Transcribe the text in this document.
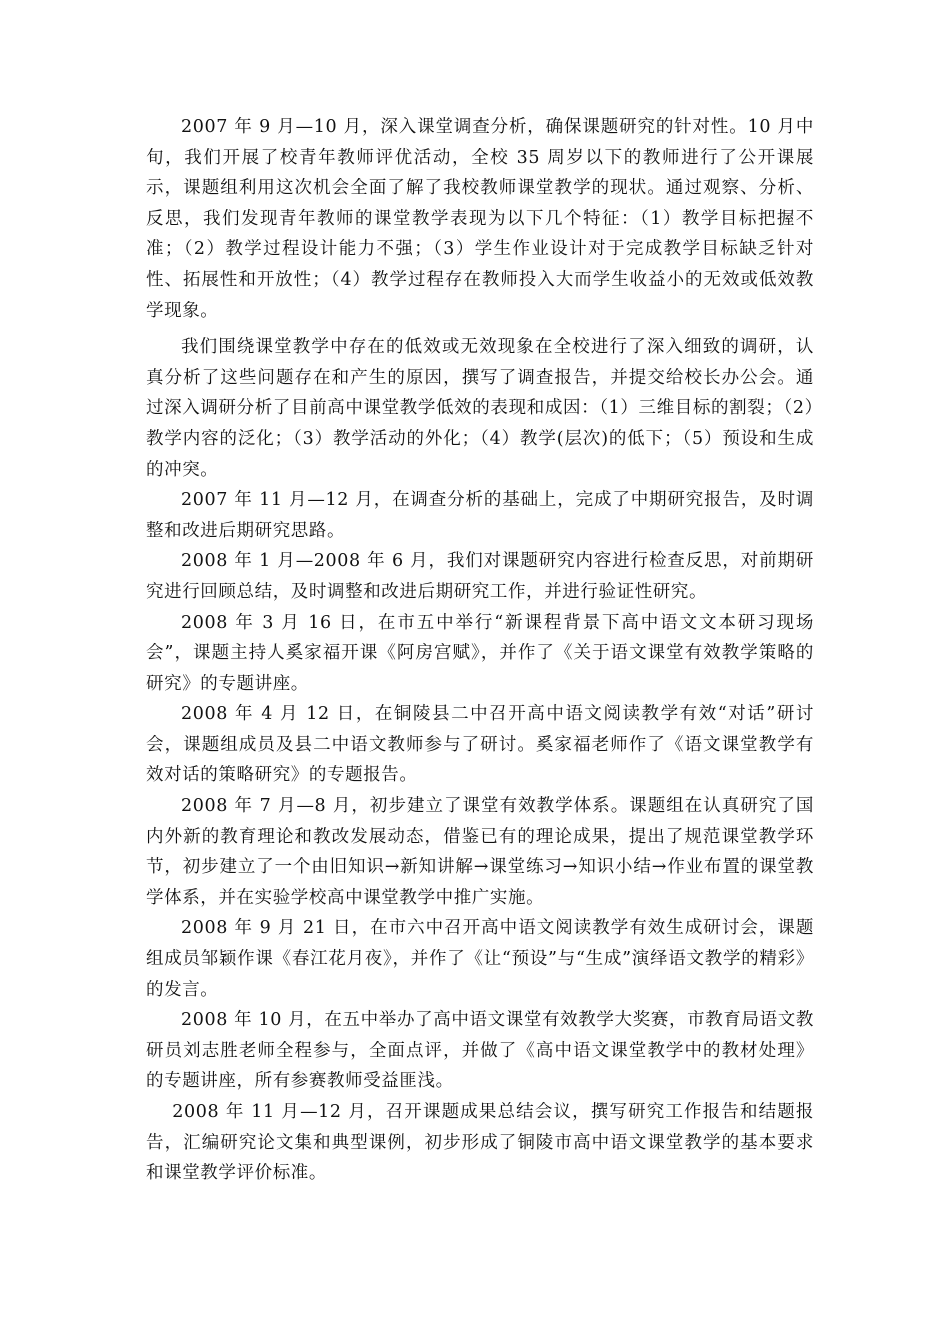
2007 年 9 月—10 月，深入课堂调查分析，确保课题研究的针对性。10 月中旬，我们开展了校青年教师评优活动，全校 35 周岁以下的教师进行了公开课展示，课题组利用这次机会全面了解了我校教师课堂教学的现状。通过观察、分析、反思，我们发现青年教师的课堂教学表现为以下几个特征：（1）教学目标把握不准；（2）教学过程设计能力不强；（3）学生作业设计对于完成教学目标缺乏针对性、拓展性和开放性；（4）教学过程存在教师投入大而学生收益小的无效或低效教学现象。

我们围绕课堂教学中存在的低效或无效现象在全校进行了深入细致的调研，认真分析了这些问题存在和产生的原因，撰写了调查报告，并提交给校长办公会。通过深入调研分析了目前高中课堂教学低效的表现和成因：（1）三维目标的割裂；（2）教学内容的泛化；（3）教学活动的外化；（4）教学(层次)的低下；（5）预设和生成的冲突。

2007 年 11 月—12 月，在调查分析的基础上，完成了中期研究报告，及时调整和改进后期研究思路。

2008 年 1 月—2008 年 6 月，我们对课题研究内容进行检查反思，对前期研究进行回顾总结，及时调整和改进后期研究工作，并进行验证性研究。

2008 年 3 月 16 日，在市五中举行“新课程背景下高中语文文本研习现场会”，课题主持人奚家福开课《阿房宫赋》，并作了《关于语文课堂有效教学策略的研究》的专题讲座。

2008 年 4 月 12 日，在铜陵县二中召开高中语文阅读教学有效“对话”研讨会，课题组成员及县二中语文教师参与了研讨。奚家福老师作了《语文课堂教学有效对话的策略研究》的专题报告。

2008 年 7 月—8 月，初步建立了课堂有效教学体系。课题组在认真研究了国内外新的教育理论和教改发展动态，借鉴已有的理论成果，提出了规范课堂教学环节，初步建立了一个由旧知识→新知讲解→课堂练习→知识小结→作业布置的课堂教学体系，并在实验学校高中课堂教学中推广实施。

2008 年 9 月 21 日，在市六中召开高中语文阅读教学有效生成研讨会，课题组成员邹颖作课《春江花月夜》，并作了《让“预设”与“生成”演绎语文教学的精彩》的发言。

2008 年 10 月，在五中举办了高中语文课堂有效教学大奖赛，市教育局语文教研员刘志胜老师全程参与，全面点评，并做了《高中语文课堂教学中的教材处理》的专题讲座，所有参赛教师受益匪浅。

2008 年 11 月—12 月，召开课题成果总结会议，撰写研究工作报告和结题报告，汇编研究论文集和典型课例，初步形成了铜陵市高中语文课堂教学的基本要求和课堂教学评价标准。
